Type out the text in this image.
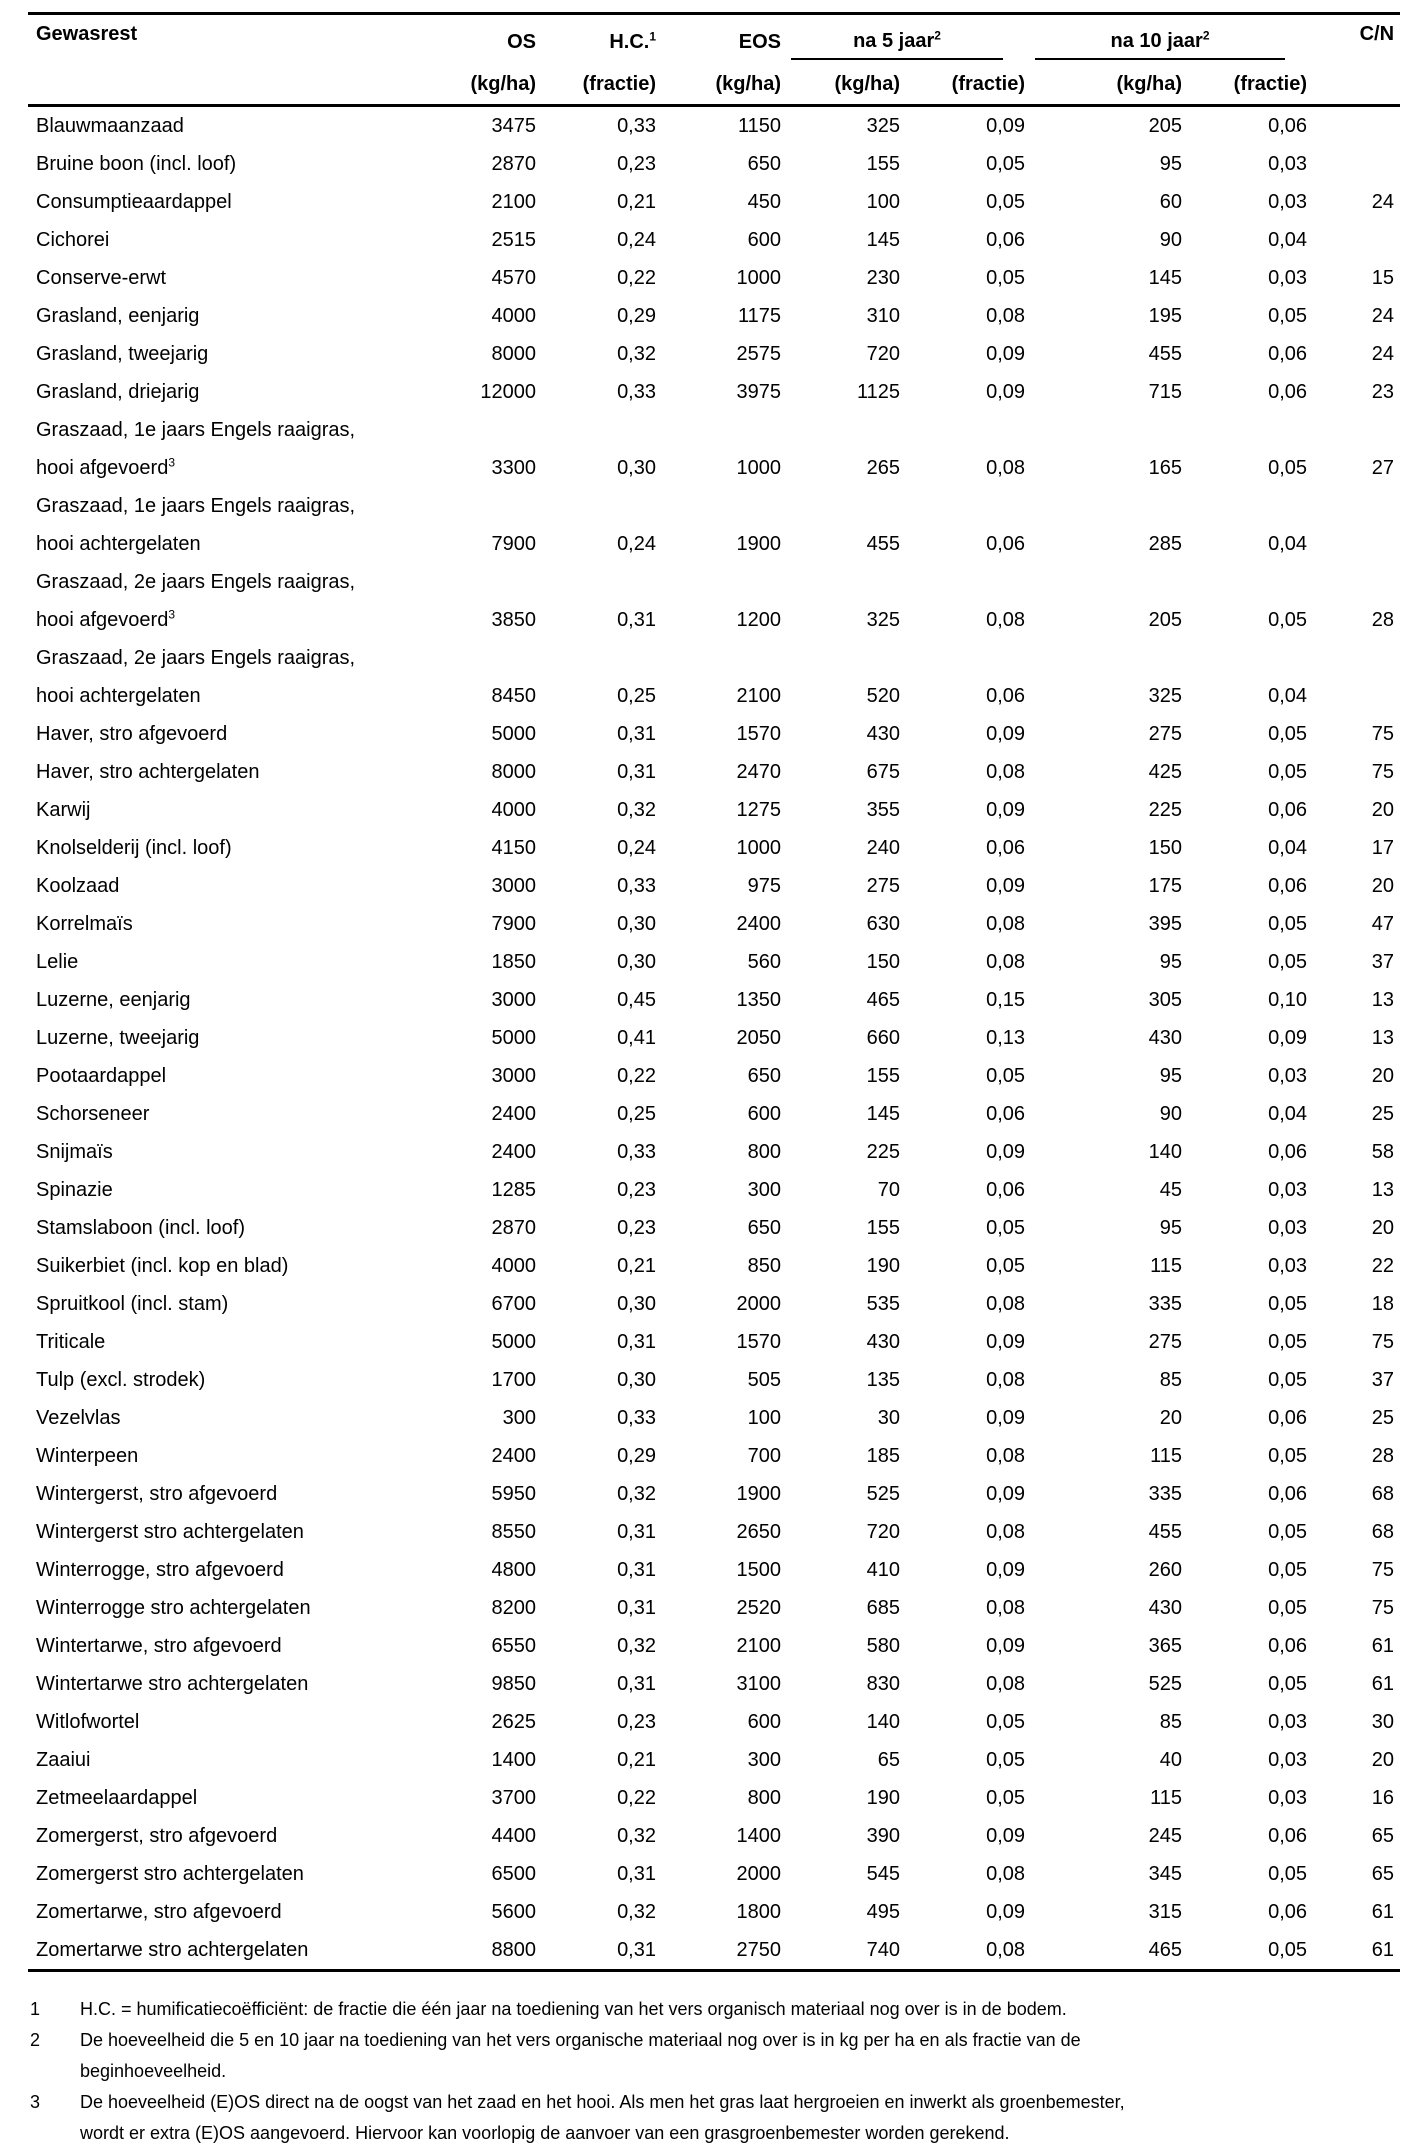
Gewasrest	OS	H.C.$^1$	EOS	na 5 jaar$^2$		na 10 jaar$^2$		C/N
	(kg/ha)	(fractie)	(kg/ha)	(kg/ha)	(fractie)	(kg/ha)	(fractie)	
Blauwmaanzaad	3475	0,33	1150	325	0,09	205	0,06	
Bruine boon (incl. loof)	2870	0,23	650	155	0,05	95	0,03	
Consumptieaardappel	2100	0,21	450	100	0,05	60	0,03	24
Cichorei	2515	0,24	600	145	0,06	90	0,04	
Conserve-erwt	4570	0,22	1000	230	0,05	145	0,03	15
Grasland, eenjarig	4000	0,29	1175	310	0,08	195	0,05	24
Grasland, tweejarig	8000	0,32	2575	720	0,09	455	0,06	24
Grasland, driejarig	12000	0,33	3975	1125	0,09	715	0,06	23
Graszaad, 1e jaars Engels raaigras,
hooi afgevoerd$^3$	3300	0,30	1000	265	0,08	165	0,05	27
Graszaad, 1e jaars Engels raaigras,
hooi achtergelaten	7900	0,24	1900	455	0,06	285	0,04	
Graszaad, 2e jaars Engels raaigras,
hooi afgevoerd$^3$	3850	0,31	1200	325	0,08	205	0,05	28
Graszaad, 2e jaars Engels raaigras,
hooi achtergelaten	8450	0,25	2100	520	0,06	325	0,04	
Haver, stro afgevoerd	5000	0,31	1570	430	0,09	275	0,05	75
Haver, stro achtergelaten	8000	0,31	2470	675	0,08	425	0,05	75
Karwij	4000	0,32	1275	355	0,09	225	0,06	20
Knolselderij (incl. loof)	4150	0,24	1000	240	0,06	150	0,04	17
Koolzaad	3000	0,33	975	275	0,09	175	0,06	20
Korrelmaïs	7900	0,30	2400	630	0,08	395	0,05	47
Lelie	1850	0,30	560	150	0,08	95	0,05	37
Luzerne, eenjarig	3000	0,45	1350	465	0,15	305	0,10	13
Luzerne, tweejarig	5000	0,41	2050	660	0,13	430	0,09	13
Pootaardappel	3000	0,22	650	155	0,05	95	0,03	20
Schorseneer	2400	0,25	600	145	0,06	90	0,04	25
Snijmaïs	2400	0,33	800	225	0,09	140	0,06	58
Spinazie	1285	0,23	300	70	0,06	45	0,03	13
Stamslaboon (incl. loof)	2870	0,23	650	155	0,05	95	0,03	20
Suikerbiet (incl. kop en blad)	4000	0,21	850	190	0,05	115	0,03	22
Spruitkool (incl. stam)	6700	0,30	2000	535	0,08	335	0,05	18
Triticale	5000	0,31	1570	430	0,09	275	0,05	75
Tulp (excl. strodek)	1700	0,30	505	135	0,08	85	0,05	37
Vezelvlas	300	0,33	100	30	0,09	20	0,06	25
Winterpeen	2400	0,29	700	185	0,08	115	0,05	28
Wintergerst, stro afgevoerd	5950	0,32	1900	525	0,09	335	0,06	68
Wintergerst stro achtergelaten	8550	0,31	2650	720	0,08	455	0,05	68
Winterrogge, stro afgevoerd	4800	0,31	1500	410	0,09	260	0,05	75
Winterrogge stro achtergelaten	8200	0,31	2520	685	0,08	430	0,05	75
Wintertarwe, stro afgevoerd	6550	0,32	2100	580	0,09	365	0,06	61
Wintertarwe stro achtergelaten	9850	0,31	3100	830	0,08	525	0,05	61
Witlofwortel	2625	0,23	600	140	0,05	85	0,03	30
Zaaiui	1400	0,21	300	65	0,05	40	0,03	20
Zetmeelaardappel	3700	0,22	800	190	0,05	115	0,03	16
Zomergerst, stro afgevoerd	4400	0,32	1400	390	0,09	245	0,06	65
Zomergerst stro achtergelaten	6500	0,31	2000	545	0,08	345	0,05	65
Zomertarwe, stro afgevoerd	5600	0,32	1800	495	0,09	315	0,06	61
Zomertarwe stro achtergelaten	8800	0,31	2750	740	0,08	465	0,05	61
1	H.C. = humificatiecoëfficiënt: de fractie die één jaar na toediening van het vers organisch materiaal nog over is in de bodem.
2	De hoeveelheid die 5 en 10 jaar na toediening van het vers organische materiaal nog over is in kg per ha en als fractie van de
beginhoeveelheid.
3	De hoeveelheid (E)OS direct na de oogst van het zaad en het hooi. Als men het gras laat hergroeien en inwerkt als groenbemester,
wordt er extra (E)OS aangevoerd. Hiervoor kan voorlopig de aanvoer van een grasgroenbemester worden gerekend.
